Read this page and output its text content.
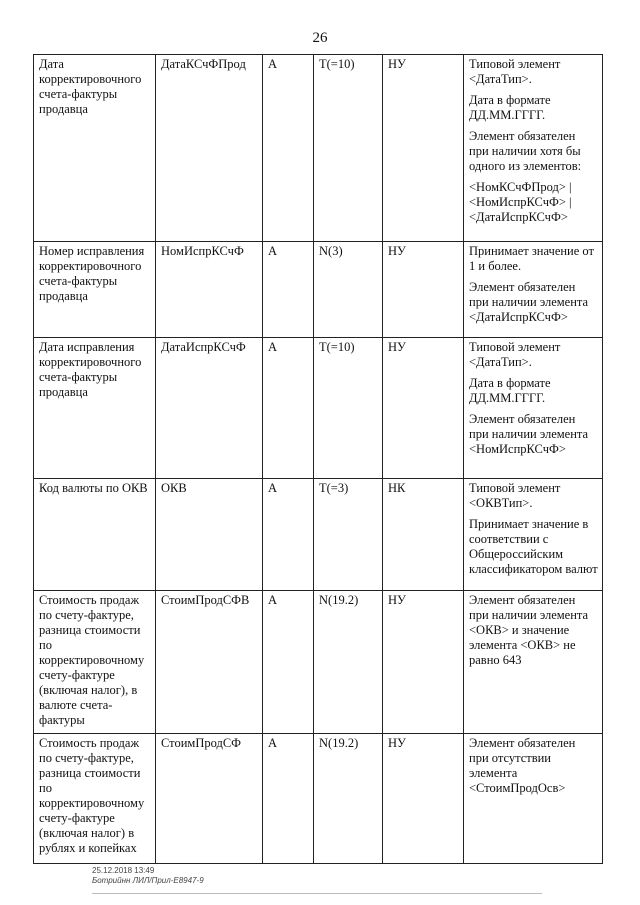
26
Дата корректировочного счета-фактуры продавца	ДатаКСчФПрод	А	Т(=10)	НУ	Типовой элемент <ДатаТип>.

Дата в формате ДД.ММ.ГГГГ.

Элемент обязателен при наличии хотя бы одного из элементов:

<НомКСчФПрод> | <НомИспрКСчФ> | <ДатаИспрКСчФ>

Номер исправления корректировочного счета-фактуры продавца	НомИспрКСчФ	А	N(3)	НУ	Принимает значение от 1 и более.

Элемент обязателен при наличии элемента <ДатаИспрКСчФ>

Дата исправления корректировочного счета-фактуры продавца	ДатаИспрКСчФ	А	Т(=10)	НУ	Типовой элемент <ДатаТип>.

Дата в формате ДД.ММ.ГГГГ.

Элемент обязателен при наличии элемента <НомИспрКСчФ>

Код валюты по ОКВ	ОКВ	А	Т(=3)	НК	Типовой элемент <ОКВТип>.

Принимает значение в соответствии с Общероссийским классификатором валют

Стоимость продаж по счету-фактуре, разница стоимости по корректировочному счету-фактуре (включая налог), в валюте счета-фактуры	СтоимПродСФВ	А	N(19.2)	НУ	Элемент обязателен при наличии элемента <ОКВ> и значение элемента <ОКВ> не равно 643

Стоимость продаж по счету-фактуре, разница стоимости по корректировочному счету-фактуре (включая налог) в рублях и копейках	СтоимПродСФ	А	N(19.2)	НУ	Элемент обязателен при отсутствии элемента <СтоимПродОсв>

25.12.2018 13:49
Ботрийнн ЛИЛ/Прил-Е8947-9
